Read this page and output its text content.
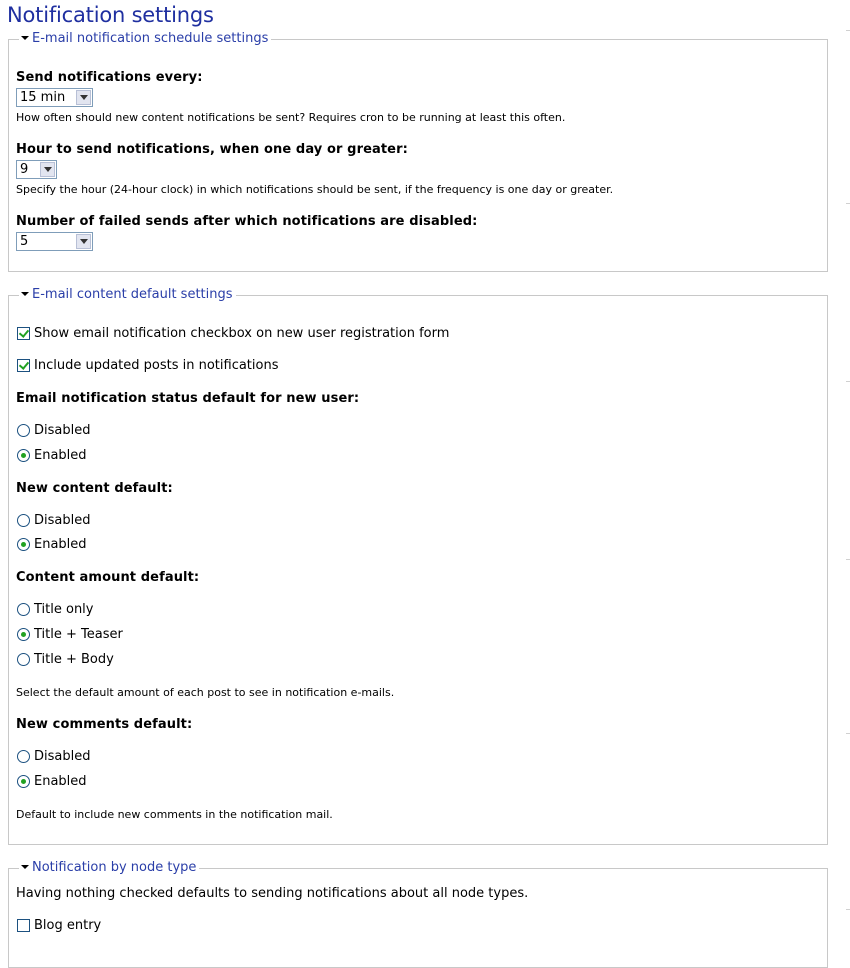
Notification settings
E-mail notification schedule settings
Send notifications every:
15 min
How often should new content notifications be sent? Requires cron to be running at least this often.
Hour to send notifications, when one day or greater:
9
Specify the hour (24-hour clock) in which notifications should be sent, if the frequency is one day or greater.
Number of failed sends after which notifications are disabled:
5
E-mail content default settings
Show email notification checkbox on new user registration form
Include updated posts in notifications
Email notification status default for new user:
Disabled
Enabled
New content default:
Disabled
Enabled
Content amount default:
Title only
Title + Teaser
Title + Body
Select the default amount of each post to see in notification e-mails.
New comments default:
Disabled
Enabled
Default to include new comments in the notification mail.
Notification by node type
Having nothing checked defaults to sending notifications about all node types.
Blog entry
